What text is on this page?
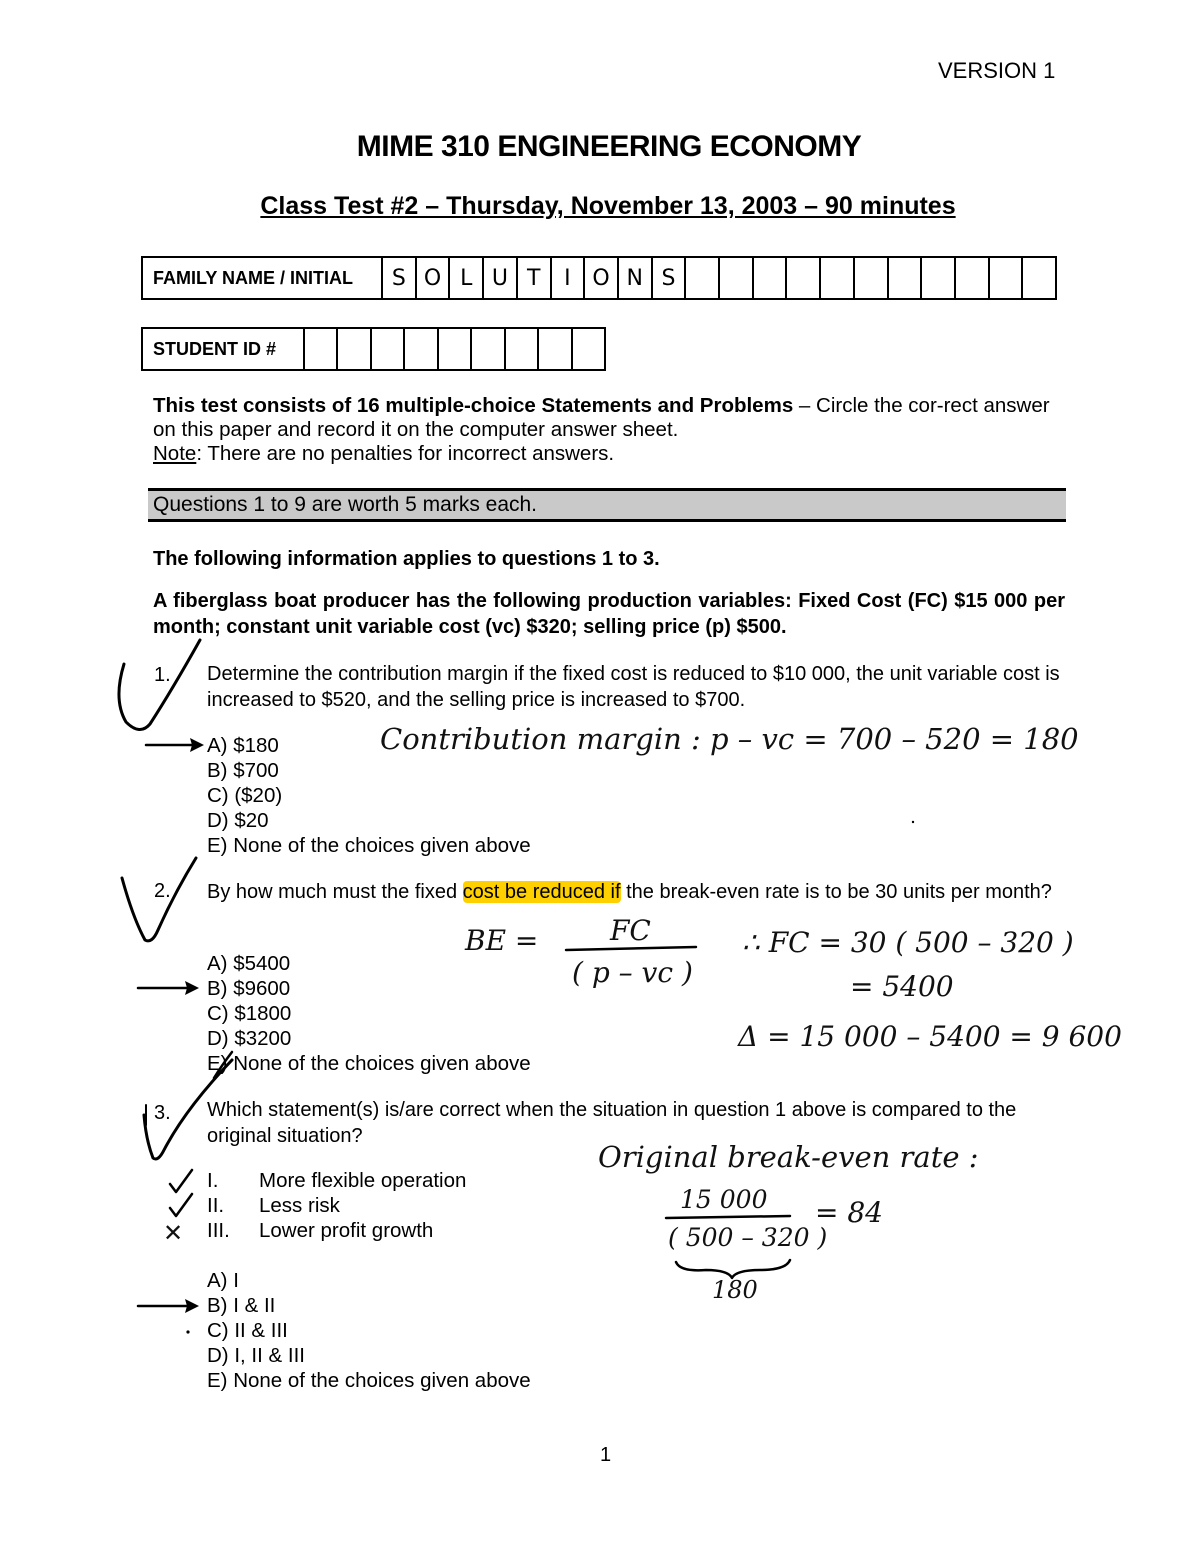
VERSION 1
MIME 310 ENGINEERING ECONOMY
Class Test #2 – Thursday, November 13, 2003 – 90 minutes
FAMILY NAME / INITIAL	S O L U T	I O N S
STUDENT ID #
This test consists of 16 multiple-choice Statements and Problems – Circle the cor-rect answer on this paper and record it on the computer answer sheet.
Note: There are no penalties for incorrect answers.
Questions 1 to 9 are worth 5 marks each.
The following information applies to questions 1 to 3.
A fiberglass boat producer has the following production variables: Fixed Cost (FC) $15 000 per month; constant unit variable cost (vc) $320; selling price (p) $500.
1. Determine the contribution margin if the fixed cost is reduced to $10 000, the unit variable cost is increased to $520, and the selling price is increased to $700.
A) $180
B) $700
C) ($20)
D) $20
E) None of the choices given above
Contribution margin : p – vc = 700 – 520 = 180
2. By how much must the fixed cost be reduced if the break-even rate is to be 30 units per month?
A) $5400
B) $9600
C) $1800
D) $3200
E) None of the choices given above
BE =	FC
( p – vc )
∴ FC = 30 ( 500 – 320 )
= 5400
Δ = 15 000 – 5400 = 9 600
3. Which statement(s) is/are correct when the situation in question 1 above is compared to the original situation?
I.	More flexible operation
II.	Less risk
III.	Lower profit growth
A) I
B) I & II
C) II & III
D) I, II & III
E) None of the choices given above
✕
Original break-even rate :
15 000
( 500 – 320 )
= 84
180
1
